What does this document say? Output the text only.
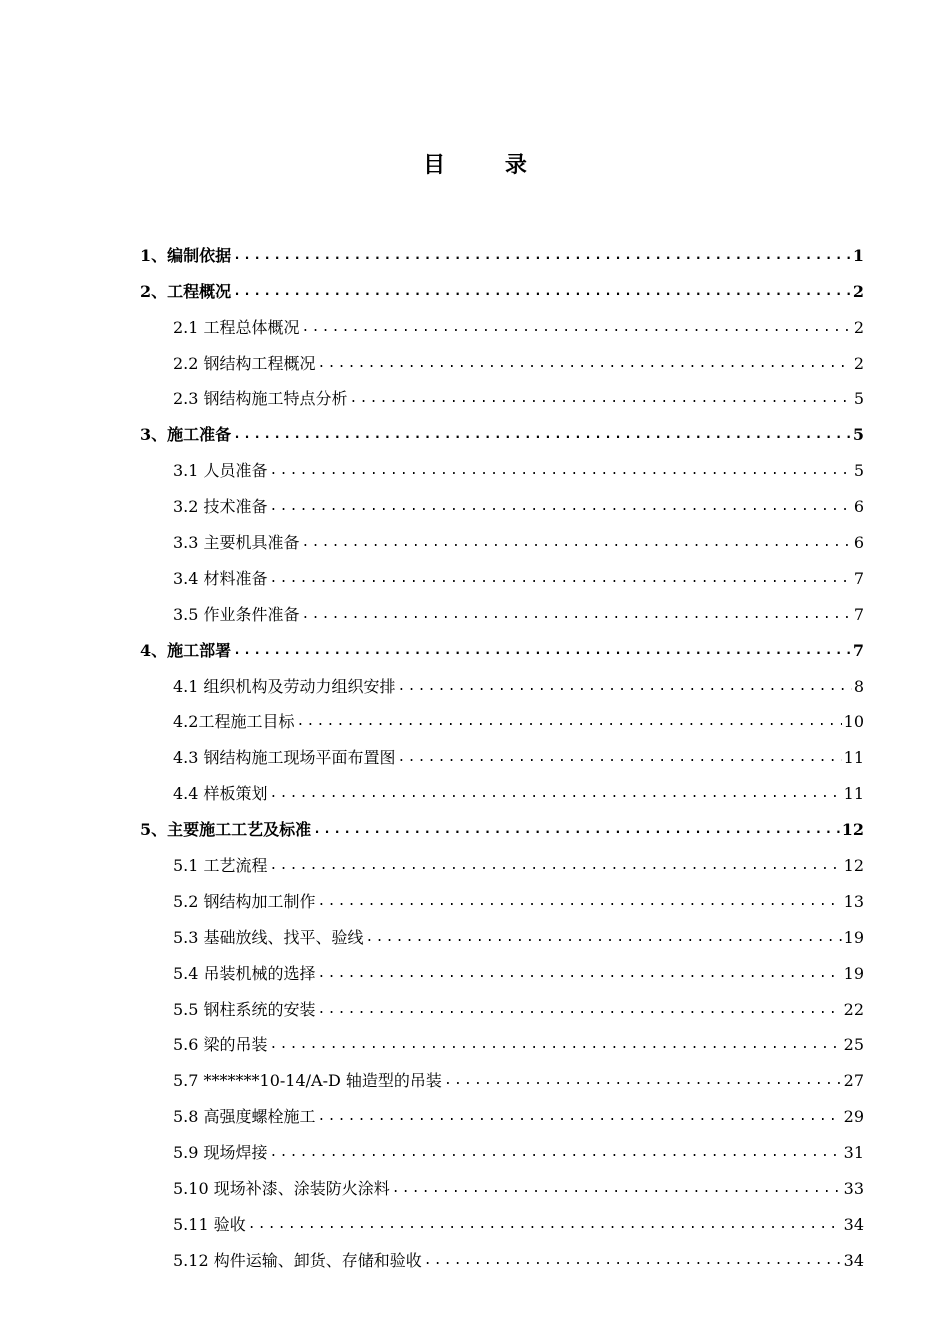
目 录
1、编制依据 .....	1
2、工程概况 .....	2
2.1 工程总体概况 .....	2
2.2 钢结构工程概况 .....	2
2.3 钢结构施工特点分析 .....	5
3、施工准备 .....	5
3.1 人员准备 .....	5
3.2 技术准备 .....	6
3.3 主要机具准备 .....	6
3.4 材料准备 .....	7
3.5 作业条件准备 .....	7
4、施工部署 .....	7
4.1 组织机构及劳动力组织安排 .....	8
4.2工程施工目标 .....	10
4.3 钢结构施工现场平面布置图 .....	11
4.4 样板策划 .....	11
5、主要施工工艺及标准 .....	12
5.1 工艺流程 .....	12
5.2 钢结构加工制作 .....	13
5.3 基础放线、找平、验线 .....	19
5.4 吊装机械的选择 .....	19
5.5 钢柱系统的安装 .....	22
5.6 梁的吊装 .....	25
5.7 *******10-14/A-D 轴造型的吊装 .....	27
5.8 高强度螺栓施工 .....	29
5.9 现场焊接 .....	31
5.10 现场补漆、涂装防火涂料 .....	33
5.11 验收 .....	34
5.12 构件运输、卸货、存储和验收 .....	34
